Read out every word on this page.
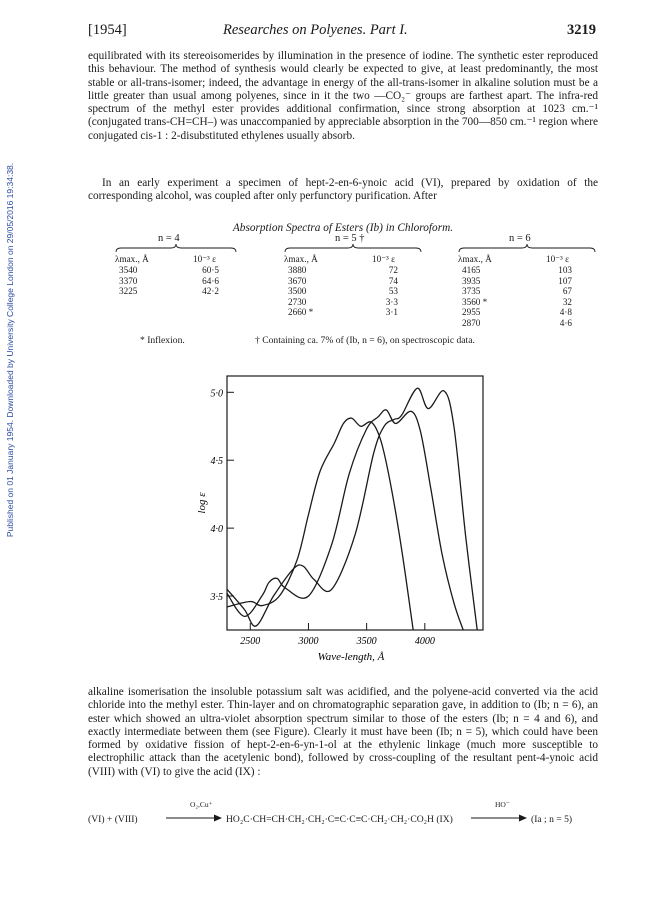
Published on 01 January 1954. Downloaded by University College London on 29/05/2016 19:34:38.
[1954]	Researches on Polyenes. Part I.	3219
equilibrated with its stereoisomerides by illumination in the presence of iodine. The synthetic ester reproduced this behaviour. The method of synthesis would clearly be expected to give, at least predominantly, the most stable or all-trans-isomer; indeed, the advantage in energy of the all-trans-isomer in alkaline solution must be a little greater than usual among polyenes, since in it the two —CO₂⁻ groups are farthest apart. The infra-red spectrum of the methyl ester provides additional confirmation, since strong absorption at 1023 cm.⁻¹ (conjugated trans-CH=CH–) was unaccompanied by appreciable absorption in the 700—850 cm.⁻¹ region where conjugated cis-1 : 2-disubstituted ethylenes usually absorb.
In an early experiment a specimen of hept-2-en-6-ynoic acid (VI), prepared by oxidation of the corresponding alcohol, was coupled after only perfunctory purification. After
Absorption Spectra of Esters (Ib) in Chloroform.
n = 4
λmax., Å	10⁻³ ε
3540	60·5
3370	64·6
3225	42·2
n = 5 †
λmax., Å	10⁻³ ε
3880	72
3670	74
3500	53
2730	3·3
2660 *	3·1
n = 6
λmax., Å	10⁻³ ε
4165	103
3935	107
3735	67
3560 *	32
2955	4·8
2870	4·6
* Inflexion.	† Containing ca. 7% of (Ib, n = 6), on spectroscopic data.
2500	3000	3500	4000
3·5
4·0
4·5
5·0
log ε
Wave-length, Å
alkaline isomerisation the insoluble potassium salt was acidified, and the polyene-acid converted via the acid chloride into the methyl ester. Thin-layer and on chromatographic separation gave, in addition to (Ib; n = 6), an ester which showed an ultra-violet absorption spectrum similar to those of the esters (Ib; n = 4 and 6), and exactly intermediate between them (see Figure). Clearly it must have been (Ib; n = 5), which could have been formed by oxidative fission of hept-2-en-6-yn-1-ol at the ethylenic linkage (much more susceptible to electrophilic attack than the acetylenic bond), followed by cross-coupling of the resultant pent-4-ynoic acid (VIII) with (VI) to give the acid (IX) :
(VI) + (VIII)
O₂,Cu⁺
HO₂C·CH=CH·CH₂·CH₂·C≡C·C≡C·CH₂·CH₂·CO₂H (IX)
HO⁻
(Ia ; n = 5)
